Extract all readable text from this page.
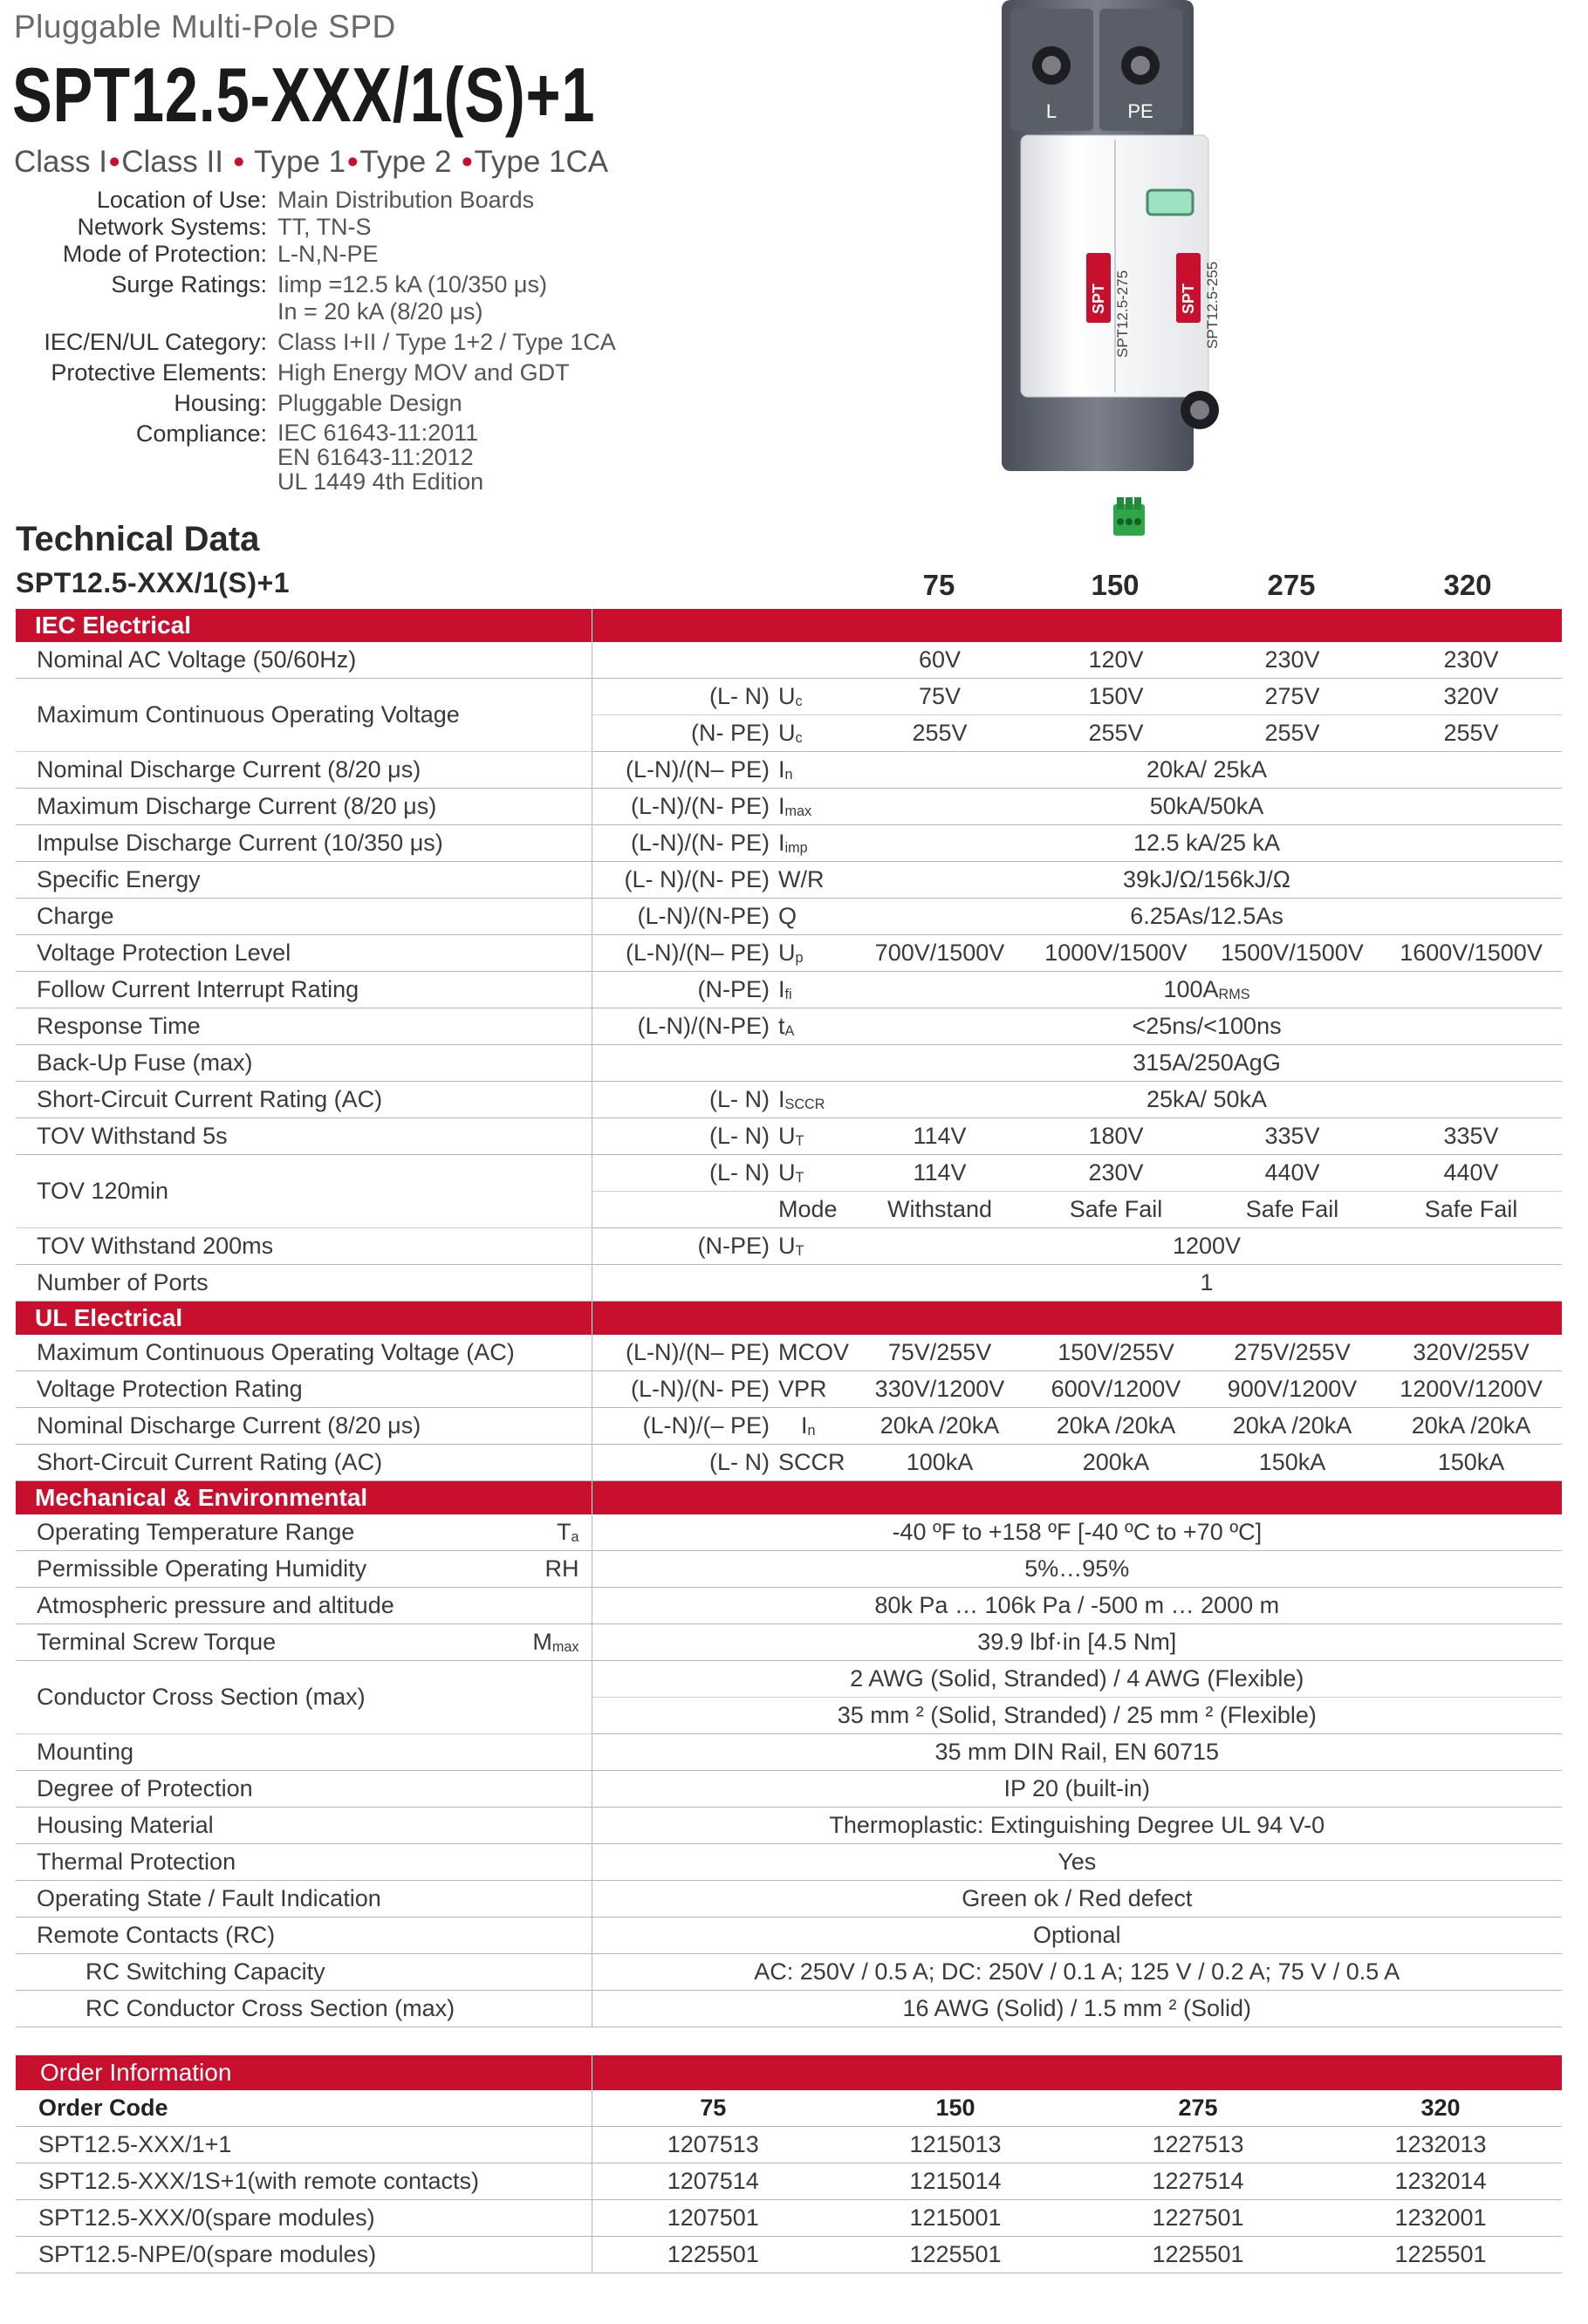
Pluggable Multi-Pole SPD
SPT12.5-XXX/1(S)+1
Class I•Class II • Type 1•Type 2 •Type 1CA
Location of Use: Main Distribution Boards
Network Systems: TT, TN-S
Mode of Protection: L-N,N-PE
Surge Ratings: Iimp =12.5 kA (10/350 μs)
In = 20 kA (8/20 μs)
IEC/EN/UL Category: Class I+II / Type 1+2 / Type 1CA
Protective Elements: High Energy MOV and GDT
Housing: Pluggable Design
Compliance: IEC 61643-11:2011
EN 61643-11:2012
UL 1449 4th Edition
L	PE
SPT	SPT
SPT12.5-275	SPT12.5-255
Technical Data
SPT12.5-XXX/1(S)+1	75	150	275	320
IEC Electrical						
Nominal AC Voltage (50/60Hz)			60V	120V	230V	230V
Maximum Continuous Operating Voltage	(L- N)	$U_c$	75V	150V	275V	320V
	(N- PE)	$U_c$	255V	255V	255V	255V
Nominal Discharge Current (8/20 μs)	(L-N)/(N– PE)	$I_n$	20kA/ 25kA			
Maximum Discharge Current (8/20 μs)	(L-N)/(N- PE)	$I_{max}$	50kA/50kA			
Impulse Discharge Current (10/350 μs)	(L-N)/(N- PE)	$I_{imp}$	12.5 kA/25 kA			
Specific Energy	(L- N)/(N- PE)	W/R	39kJ/Ω/156kJ/Ω			
Charge	(L-N)/(N-PE)	Q	6.25As/12.5As			
Voltage Protection Level	(L-N)/(N– PE)	$U_p$	700V/1500V	1000V/1500V	1500V/1500V	1600V/1500V
Follow Current Interrupt Rating	(N-PE)	$I_{fi}$	$100A_{RMS}$
Response Time	(L-N)/(N-PE)	$t_A$	<25ns/<100ns			
Back-Up Fuse (max)			315A/250AgG			
Short-Circuit Current Rating (AC)	(L- N)	$I_{SCCR}$	25kA/ 50kA			
TOV Withstand 5s	(L- N)	$U_T$	114V	180V	335V	335V
TOV 120min	(L- N)	$U_T$	114V	230V	440V	440V
		Mode	Withstand	Safe Fail	Safe Fail	Safe Fail
TOV Withstand 200ms	(N-PE)	$U_T$	1200V			
Number of Ports			1			
UL Electrical						
Maximum Continuous Operating Voltage (AC)	(L-N)/(N– PE)	MCOV	75V/255V	150V/255V	275V/255V	320V/255V
Voltage Protection Rating	(L-N)/(N- PE)	VPR	330V/1200V	600V/1200V	900V/1200V	1200V/1200V
Nominal Discharge Current (8/20 μs)	(L-N)/(– PE)	$I_n$	20kA /20kA	20kA /20kA	20kA /20kA	20kA /20kA
Short-Circuit Current Rating (AC)	(L- N)	SCCR	100kA	200kA	150kA	150kA
Mechanical & Environmental						
Operating Temperature Range $T_a$	-40 ºF to +158 ºF [-40 ºC to +70 ºC]					
Permissible Operating Humidity RH	5%…95%					
Atmospheric pressure and altitude	80k Pa … 106k Pa / -500 m … 2000 m					
Terminal Screw Torque $M_{max}$	39.9 lbf·in [4.5 Nm]					
Conductor Cross Section (max)	2 AWG (Solid, Stranded) / 4 AWG (Flexible)					
	35 mm ² (Solid, Stranded) / 25 mm ² (Flexible)					
Mounting	35 mm DIN Rail, EN 60715					
Degree of Protection	IP 20 (built-in)					
Housing Material	Thermoplastic: Extinguishing Degree UL 94 V-0					
Thermal Protection	Yes					
Operating State / Fault Indication	Green ok / Red defect					
Remote Contacts (RC)	Optional					
RC Switching Capacity	AC: 250V / 0.5 A; DC: 250V / 0.1 A; 125 V / 0.2 A; 75 V / 0.5 A					
RC Conductor Cross Section (max)	16 AWG (Solid) / 1.5 mm ² (Solid)					
Order Information				
Order Code	75	150	275	320
SPT12.5-XXX/1+1	1207513	1215013	1227513	1232013
SPT12.5-XXX/1S+1(with remote contacts)	1207514	1215014	1227514	1232014
SPT12.5-XXX/0(spare modules)	1207501	1215001	1227501	1232001
SPT12.5-NPE/0(spare modules)	1225501	1225501	1225501	1225501
